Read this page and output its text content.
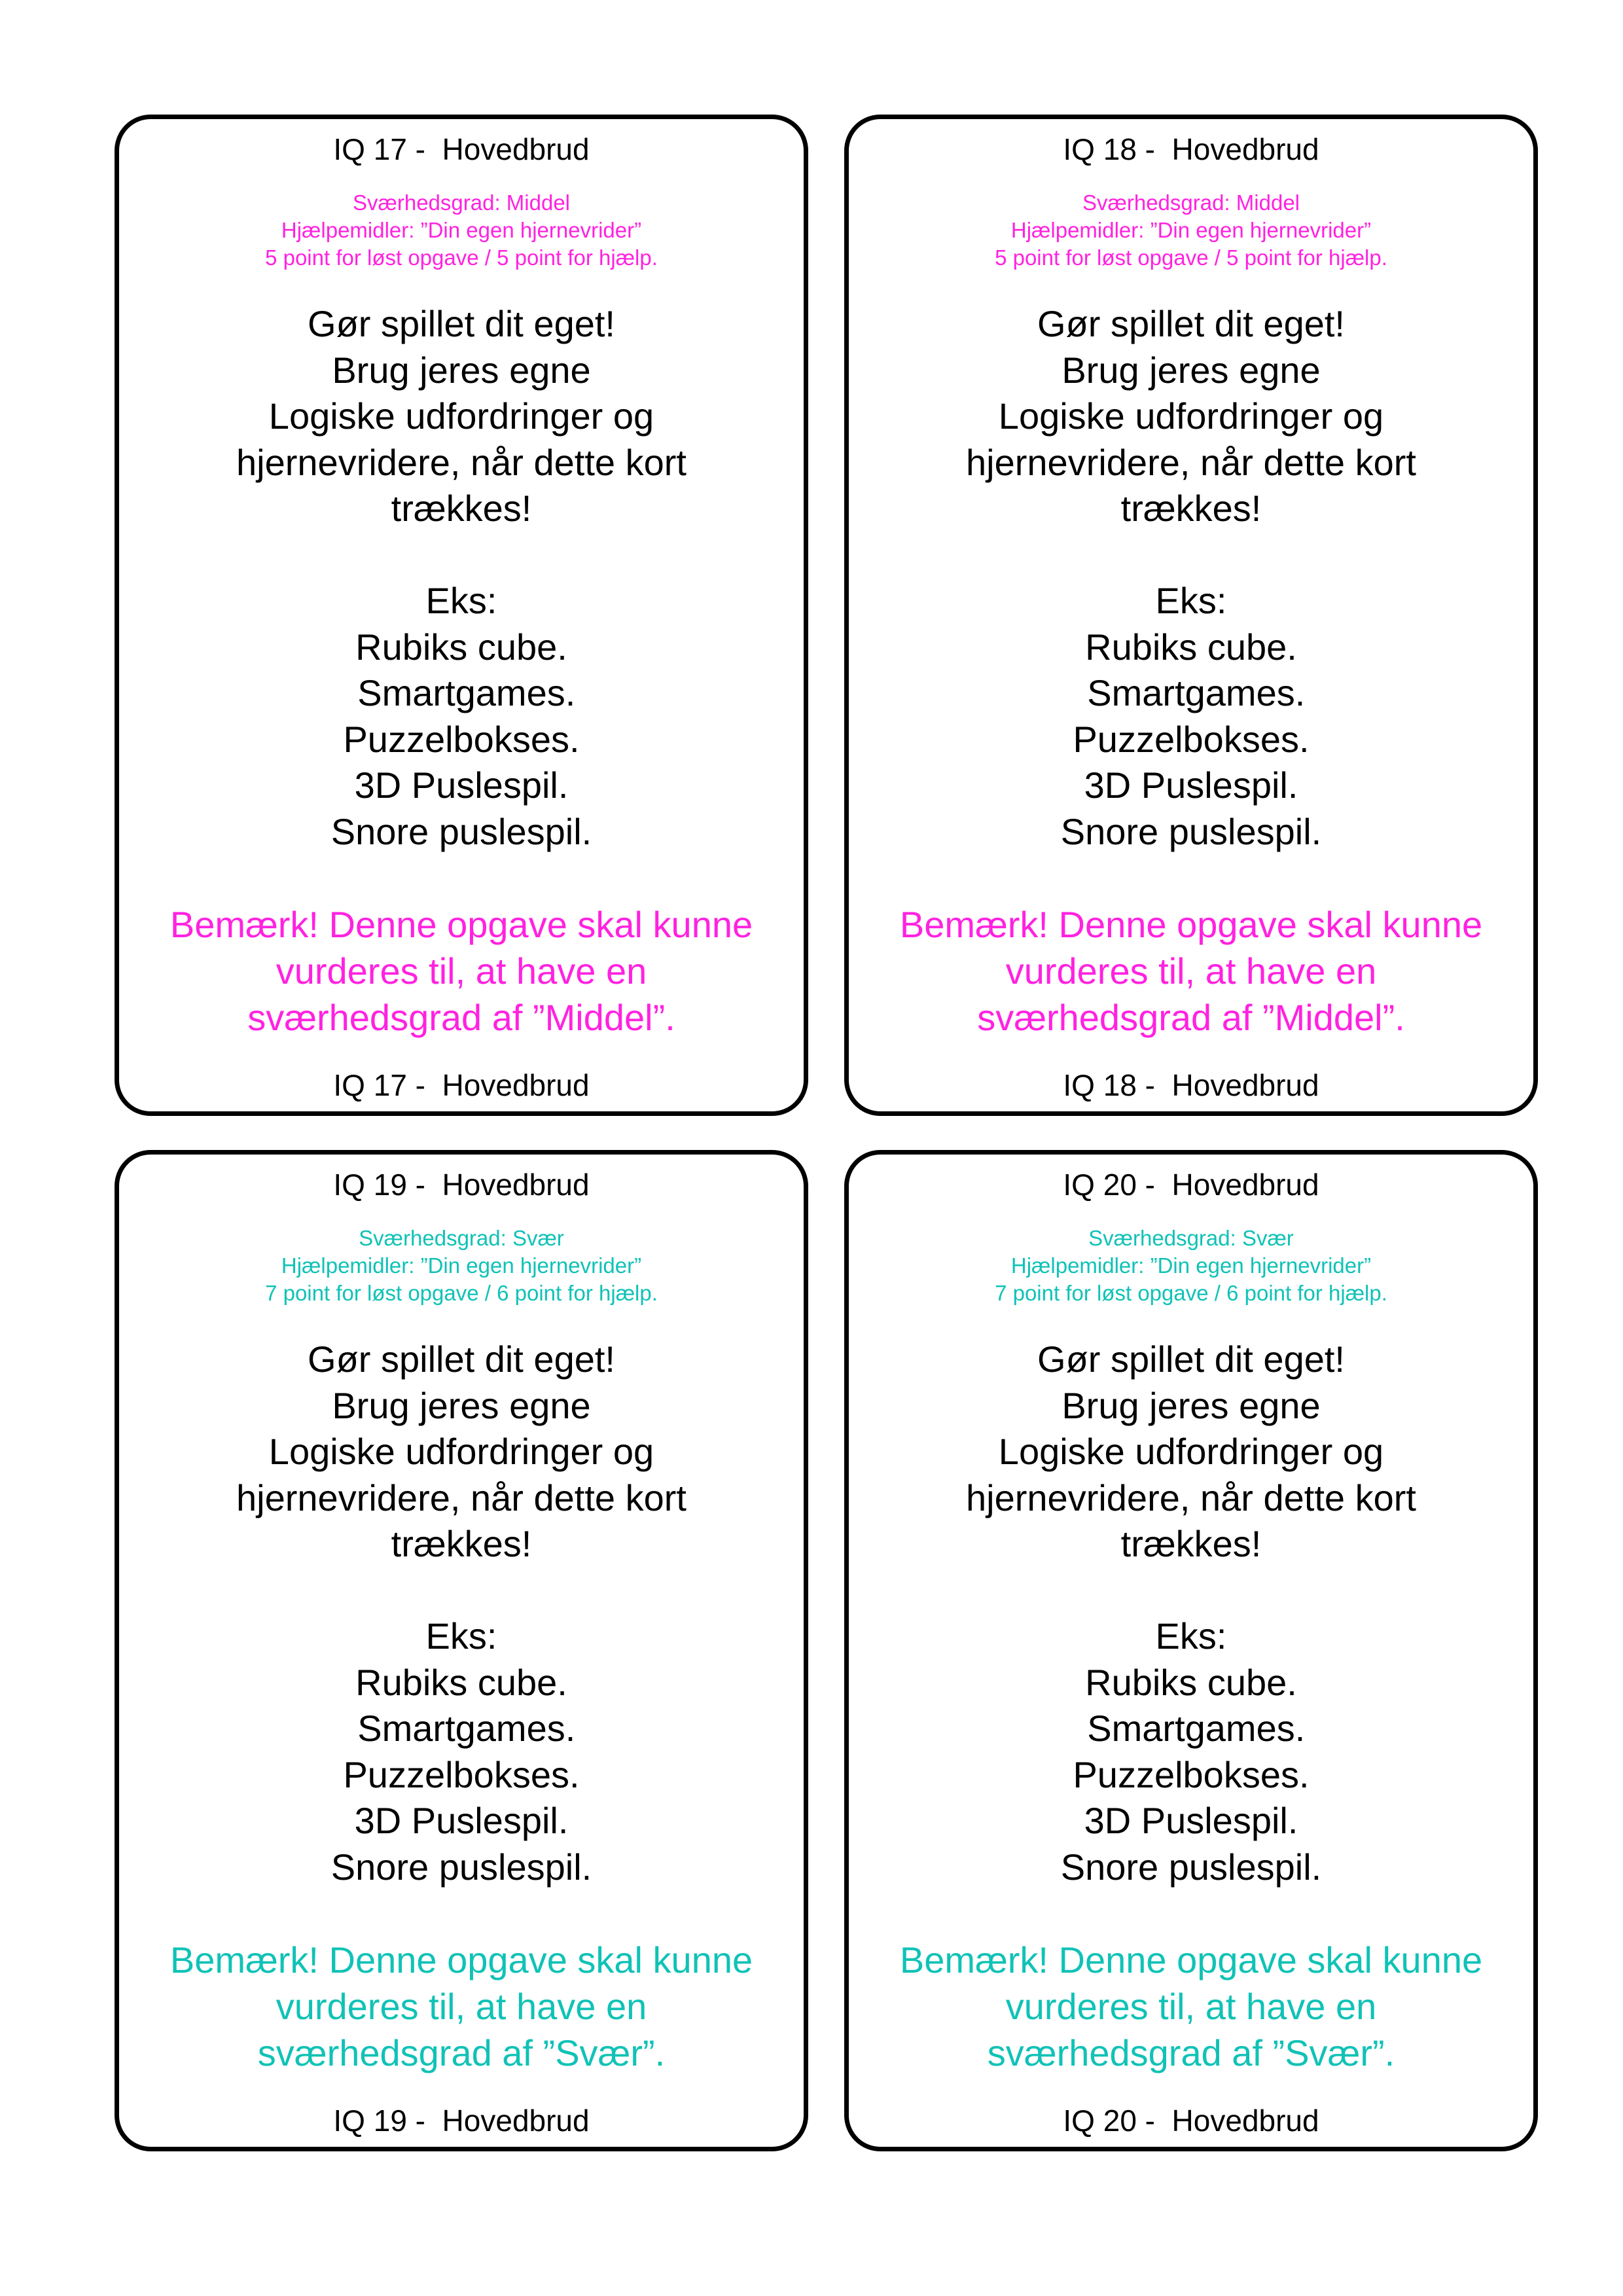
IQ 17 -  Hovedbrud
Sværhedsgrad: Middel
Hjælpemidler: ”Din egen hjernevrider”
5 point for løst opgave / 5 point for hjælp.
Gør spillet dit eget!
Brug jeres egne
Logiske udfordringer og
hjernevridere, når dette kort
trækkes!
Eks:
Rubiks cube.
Smartgames.
Puzzelbokses.
3D Puslespil.
Snore puslespil.
Bemærk! Denne opgave skal kunne
vurderes til, at have en
sværhedsgrad af ”Middel”.
IQ 17 -  Hovedbrud
IQ 18 -  Hovedbrud
Sværhedsgrad: Middel
Hjælpemidler: ”Din egen hjernevrider”
5 point for løst opgave / 5 point for hjælp.
Gør spillet dit eget!
Brug jeres egne
Logiske udfordringer og
hjernevridere, når dette kort
trækkes!
Eks:
Rubiks cube.
Smartgames.
Puzzelbokses.
3D Puslespil.
Snore puslespil.
Bemærk! Denne opgave skal kunne
vurderes til, at have en
sværhedsgrad af ”Middel”.
IQ 18 -  Hovedbrud
IQ 19 -  Hovedbrud
Sværhedsgrad: Svær
Hjælpemidler: ”Din egen hjernevrider”
7 point for løst opgave / 6 point for hjælp.
Gør spillet dit eget!
Brug jeres egne
Logiske udfordringer og
hjernevridere, når dette kort
trækkes!
Eks:
Rubiks cube.
Smartgames.
Puzzelbokses.
3D Puslespil.
Snore puslespil.
Bemærk! Denne opgave skal kunne
vurderes til, at have en
sværhedsgrad af ”Svær”.
IQ 19 -  Hovedbrud
IQ 20 -  Hovedbrud
Sværhedsgrad: Svær
Hjælpemidler: ”Din egen hjernevrider”
7 point for løst opgave / 6 point for hjælp.
Gør spillet dit eget!
Brug jeres egne
Logiske udfordringer og
hjernevridere, når dette kort
trækkes!
Eks:
Rubiks cube.
Smartgames.
Puzzelbokses.
3D Puslespil.
Snore puslespil.
Bemærk! Denne opgave skal kunne
vurderes til, at have en
sværhedsgrad af ”Svær”.
IQ 20 -  Hovedbrud
